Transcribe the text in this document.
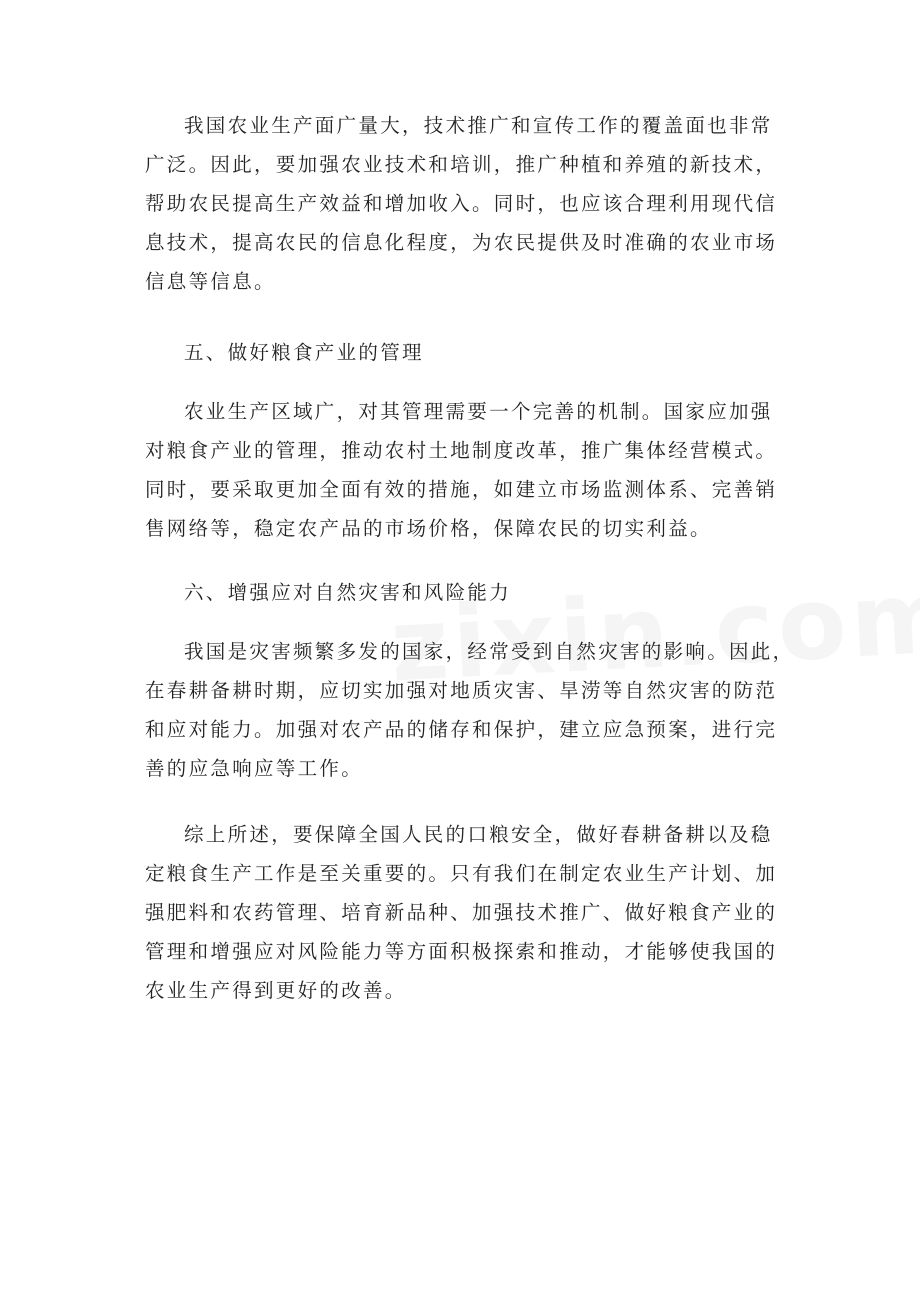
我国农业生产面广量大，技术推广和宣传工作的覆盖面也非常
广泛。因此，要加强农业技术和培训，推广种植和养殖的新技术，
帮助农民提高生产效益和增加收入。同时，也应该合理利用现代信
息技术，提高农民的信息化程度，为农民提供及时准确的农业市场
信息等信息。
五、做好粮食产业的管理
农业生产区域广，对其管理需要一个完善的机制。国家应加强
对粮食产业的管理，推动农村土地制度改革，推广集体经营模式。
同时，要采取更加全面有效的措施，如建立市场监测体系、完善销
售网络等，稳定农产品的市场价格，保障农民的切实利益。
六、增强应对自然灾害和风险能力
我国是灾害频繁多发的国家，经常受到自然灾害的影响。因此，
在春耕备耕时期，应切实加强对地质灾害、旱涝等自然灾害的防范
和应对能力。加强对农产品的储存和保护，建立应急预案，进行完
善的应急响应等工作。
综上所述，要保障全国人民的口粮安全，做好春耕备耕以及稳
定粮食生产工作是至关重要的。只有我们在制定农业生产计划、加
强肥料和农药管理、培育新品种、加强技术推广、做好粮食产业的
管理和增强应对风险能力等方面积极探索和推动，才能够使我国的
农业生产得到更好的改善。
